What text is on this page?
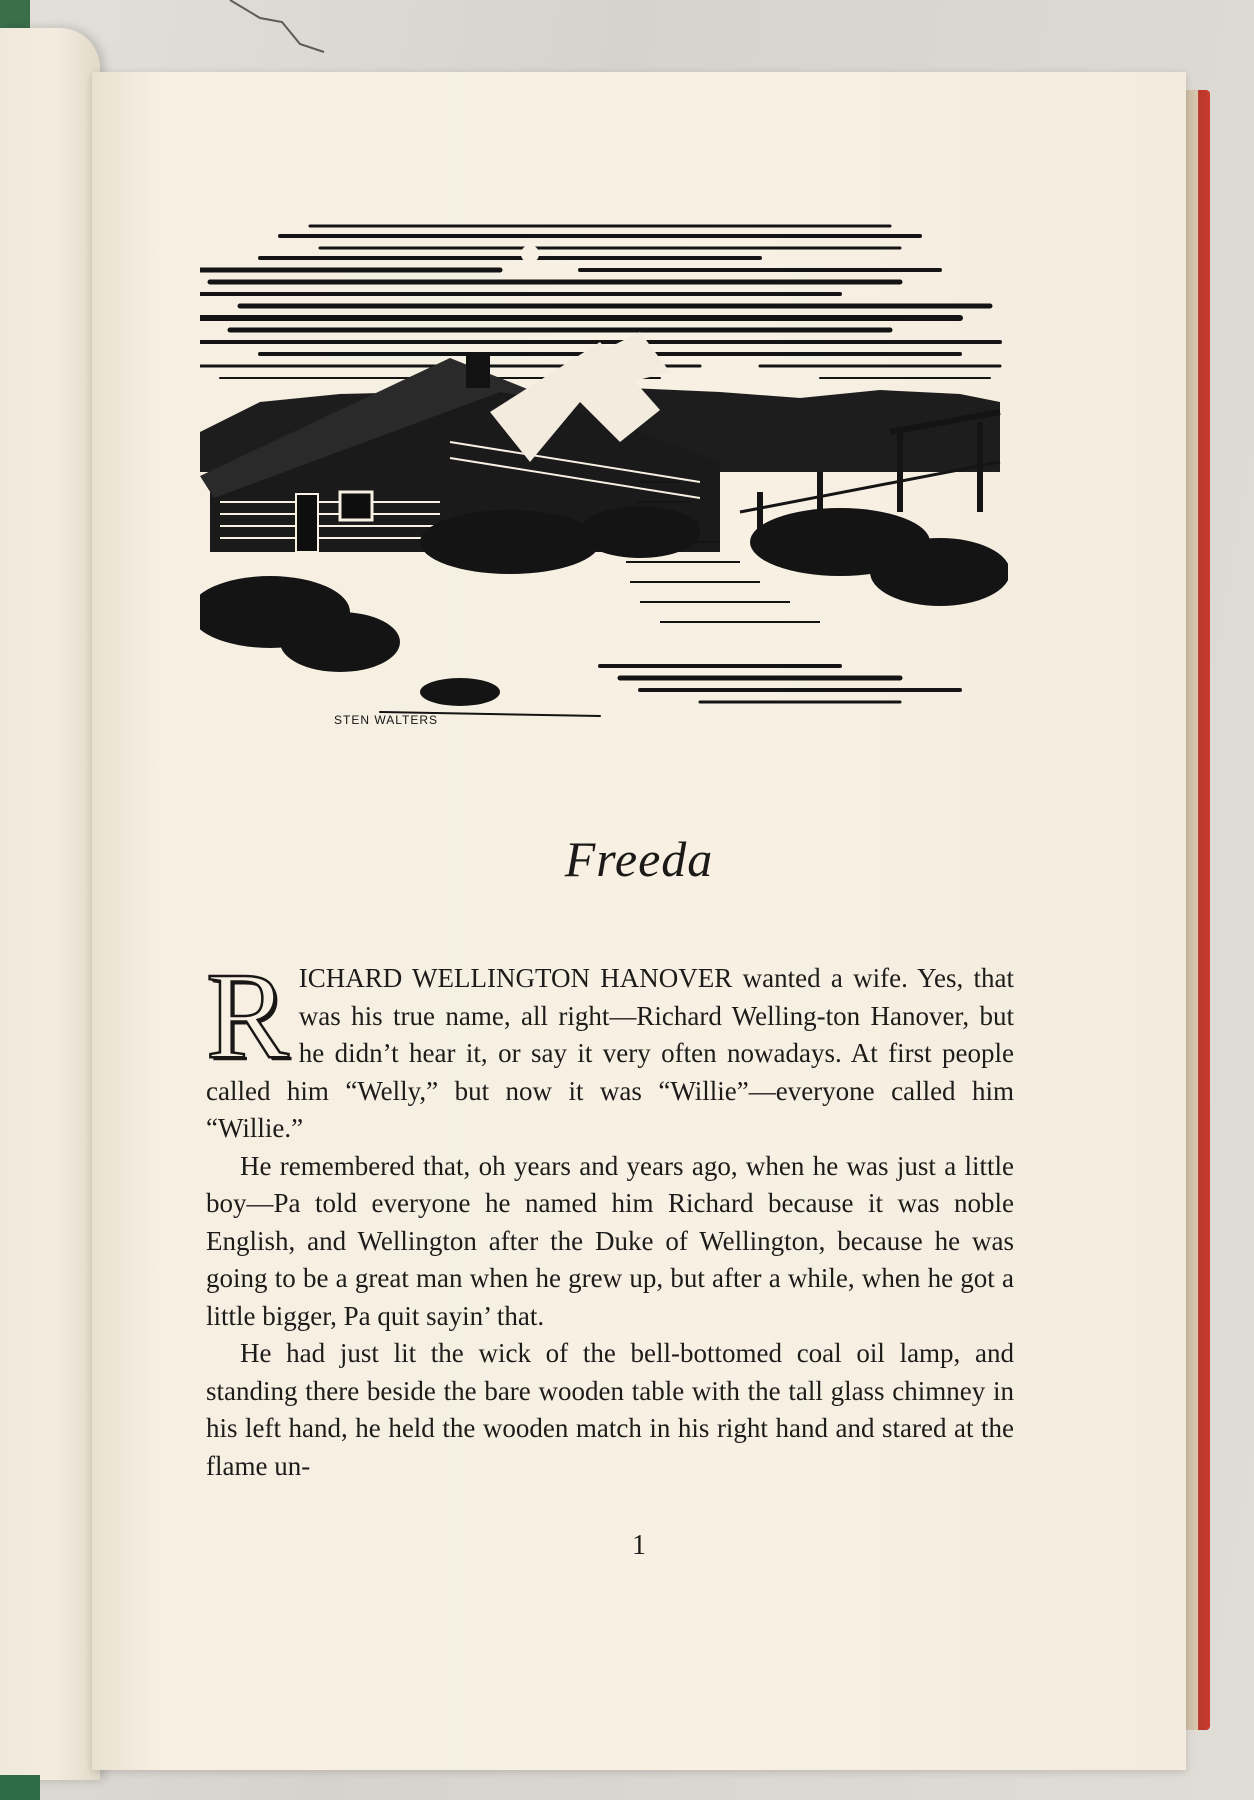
STEN WALTERS
Freeda

RICHARD WELLINGTON HANOVER wanted a wife. Yes, that was his true name, all right—Richard Welling-ton Hanover, but he didn’t hear it, or say it very often nowadays. At first people called him “Welly,” but now it was “Willie”—everyone called him “Willie.”

He remembered that, oh years and years ago, when he was just a little boy—Pa told everyone he named him Richard because it was noble English, and Wellington after the Duke of Wellington, because he was going to be a great man when he grew up, but after a while, when he got a little bigger, Pa quit sayin’ that.

He had just lit the wick of the bell-bottomed coal oil lamp, and standing there beside the bare wooden table with the tall glass chimney in his left hand, he held the wooden match in his right hand and stared at the flame un-

1
